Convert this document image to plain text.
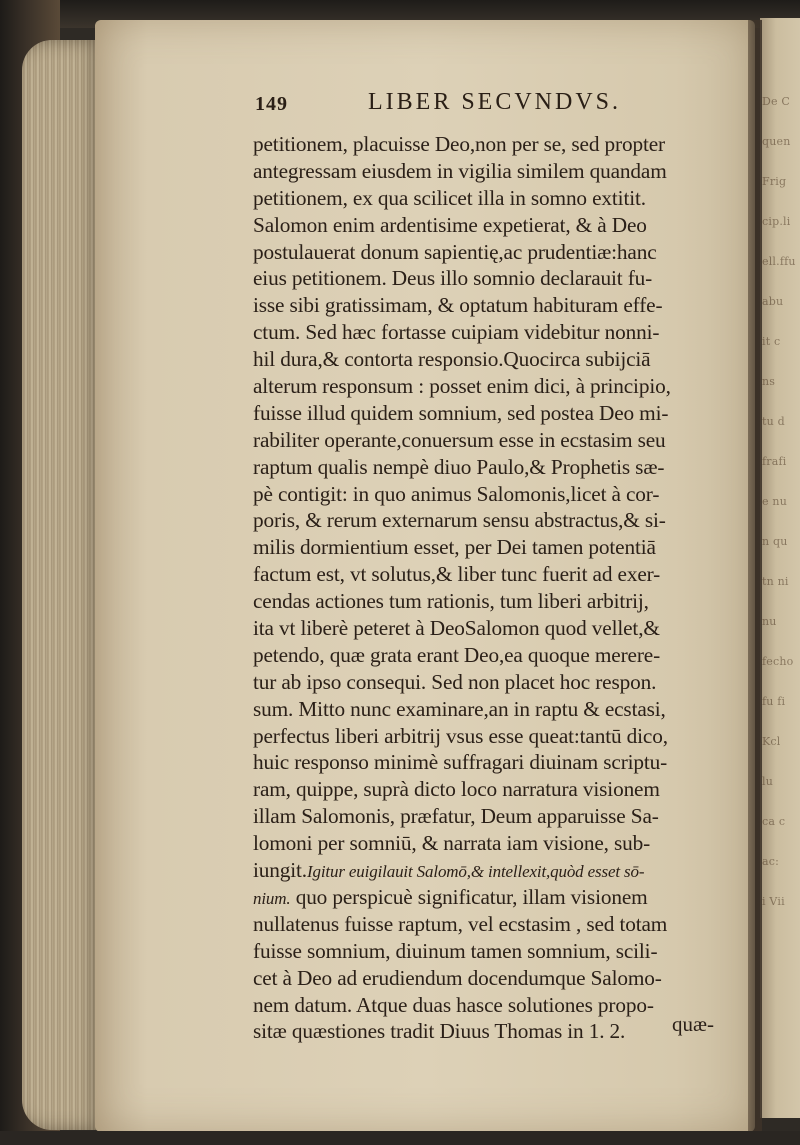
De C
quen
Frig
cip.li
ell.ffu
abu
it c
ns
tu d
frafi
e nu
n qu
tn ni
nu
fecho
fu fi
Kcl
lu
ca c
ac:
i Vii
149	LIBER SECVNDVS.
petitionem, placuisse Deo,non per se, sed propter
antegressam eiusdem in vigilia similem quandam
petitionem, ex qua scilicet illa in somno extitit.
Salomon enim ardentisime expetierat, & à Deo
postulauerat donum sapientię,ac prudentiæ:hanc
eius petitionem. Deus illo somnio declarauit fu-
isse sibi gratissimam, & optatum habituram effe-
ctum. Sed hæc fortasse cuipiam videbitur nonni-
hil dura,& contorta responsio.Quocirca subijciā
alterum responsum : posset enim dici, à principio,
fuisse illud quidem somnium, sed postea Deo mi-
rabiliter operante,conuersum esse in ecstasim seu
raptum qualis nempè diuo Paulo,& Prophetis sæ-
pè contigit: in quo animus Salomonis,licet à cor-
poris, & rerum externarum sensu abstractus,& si-
milis dormientium esset, per Dei tamen potentiā
factum est, vt solutus,& liber tunc fuerit ad exer-
cendas actiones tum rationis, tum liberi arbitrij,
ita vt liberè peteret à DeoSalomon quod vellet,&
petendo, quæ grata erant Deo,ea quoque merere-
tur ab ipso consequi. Sed non placet hoc respon.
sum. Mitto nunc examinare,an in raptu & ecstasi,
perfectus liberi arbitrij vsus esse queat:tantū dico,
huic responso minimè suffragari diuinam scriptu-
ram, quippe, suprà dicto loco narratura visionem
illam Salomonis, præfatur, Deum apparuisse Sa-
lomoni per somniū, & narrata iam visione, sub-
iungit.Igitur euigilauit Salomō,& intellexit,quòd esset sō-
nium. quo perspicuè significatur, illam visionem
nullatenus fuisse raptum, vel ecstasim , sed totam
fuisse somnium, diuinum tamen somnium, scili-
cet à Deo ad erudiendum docendumque Salomo-
nem datum. Atque duas hasce solutiones propo-
sitæ quæstiones tradit Diuus Thomas in 1. 2.	quæ-
